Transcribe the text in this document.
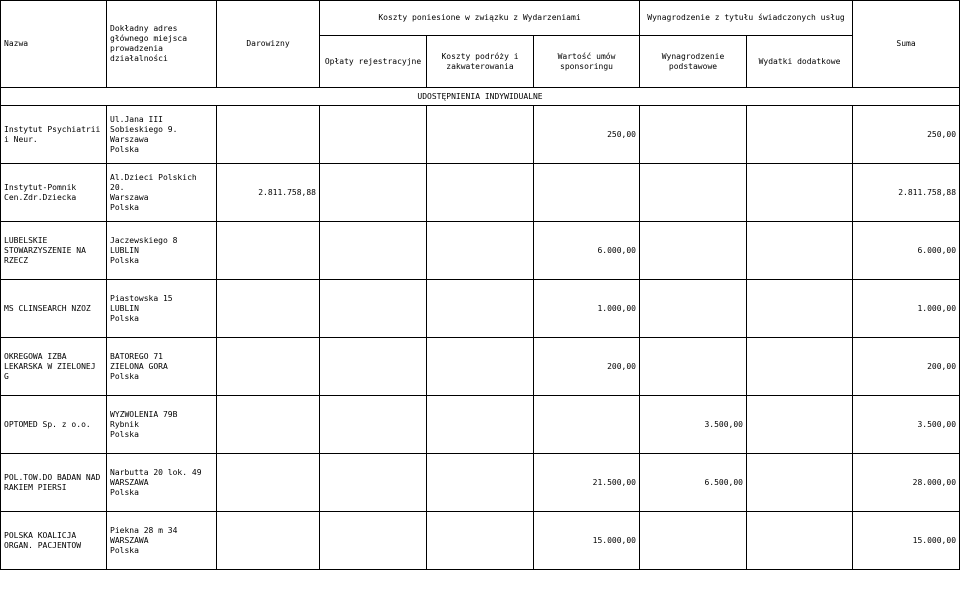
Nazwa	Dokładny adres głównego miejsca prowadzenia działalności	Darowizny	Koszty poniesione w związku z Wydarzeniami			Wynagrodzenie z tytułu świadczonych usług		Suma
			Opłaty rejestracyjne	Koszty podróży i zakwaterowania	Wartość umów sponsoringu	Wynagrodzenie podstawowe	Wydatki dodatkowe	
UDOSTĘPNIENIA INDYWIDUALNE								
Instytut Psychiatrii i Neur.	Ul.Jana III Sobieskiego 9.
Warszawa
Polska				250,00			250,00
Instytut-Pomnik Cen.Zdr.Dziecka	Al.Dzieci Polskich 20.
Warszawa
Polska	2.811.758,88						2.811.758,88
LUBELSKIE STOWARZYSZENIE NA RZECZ	Jaczewskiego 8
LUBLIN
Polska				6.000,00			6.000,00
MS CLINSEARCH NZOZ	Piastowska 15
LUBLIN
Polska				1.000,00			1.000,00
OKREGOWA IZBA LEKARSKA W ZIELONEJ G	BATOREGO 71
ZIELONA GORA
Polska				200,00			200,00
OPTOMED Sp. z o.o.	WYZWOLENIA 79B
Rybnik
Polska					3.500,00		3.500,00
POL.TOW.DO BADAN NAD RAKIEM PIERSI	Narbutta 20 lok. 49
WARSZAWA
Polska				21.500,00	6.500,00		28.000,00
POLSKA KOALICJA ORGAN. PACJENTOW	Piekna 28 m 34
WARSZAWA
Polska				15.000,00			15.000,00
